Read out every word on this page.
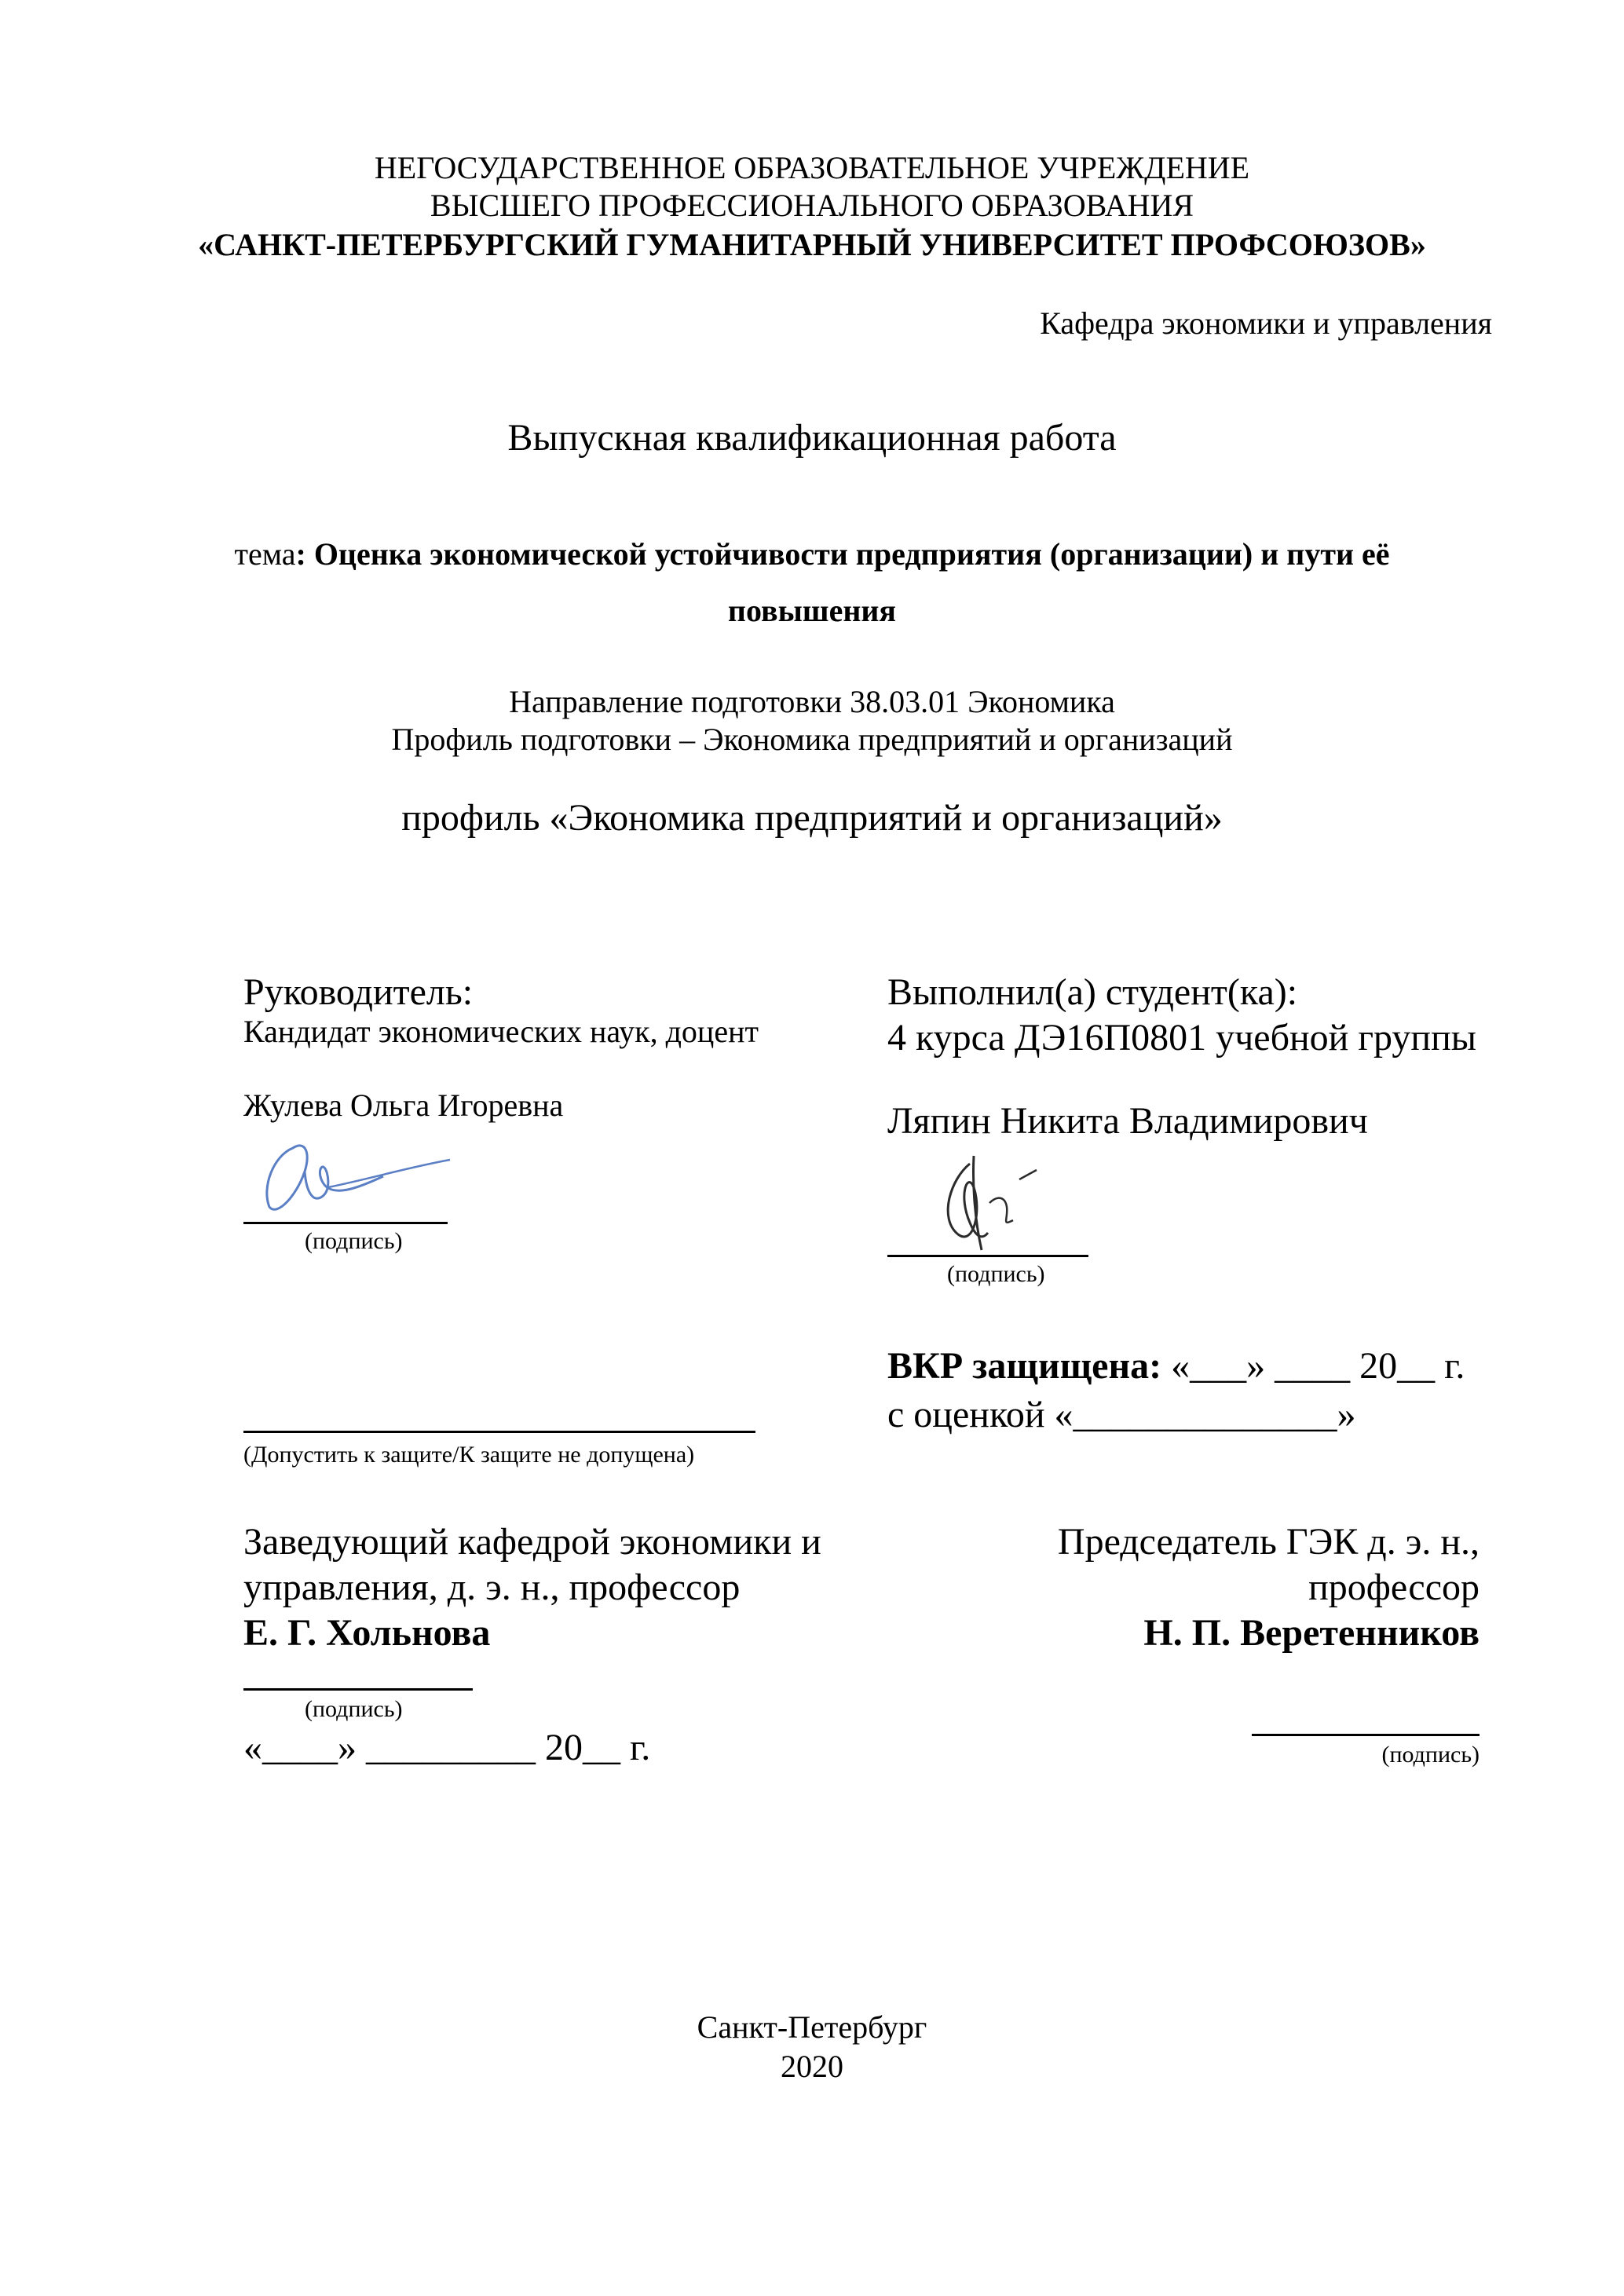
НЕГОСУДАРСТВЕННОЕ ОБРАЗОВАТЕЛЬНОЕ УЧРЕЖДЕНИЕ
ВЫСШЕГО ПРОФЕССИОНАЛЬНОГО ОБРАЗОВАНИЯ
«САНКТ-ПЕТЕРБУРГСКИЙ ГУМАНИТАРНЫЙ УНИВЕРСИТЕТ ПРОФСОЮЗОВ»
Кафедра экономики и управления
Выпускная квалификационная работа
тема: Оценка экономической устойчивости предприятия (организации) и пути её
повышения
Направление подготовки 38.03.01 Экономика
Профиль подготовки – Экономика предприятий и организаций
профиль «Экономика предприятий и организаций»
Руководитель:
Кандидат экономических наук, доцент
Жулева Ольга Игоревна
(подпись)
Выполнил(а) студент(ка):
4 курса ДЭ16П0801 учебной группы
Ляпин Никита Владимирович
(подпись)
(Допустить к защите/К защите не допущена)
ВКР защищена: «___» ____ 20__ г.
с оценкой «______________»
Заведующий кафедрой экономики и
управления, д. э. н., профессор
Е. Г. Хольнова
(подпись)
«____» _________ 20__ г.
Председатель ГЭК д. э. н.,
профессор
Н. П. Веретенников
(подпись)
Санкт-Петербург
2020
